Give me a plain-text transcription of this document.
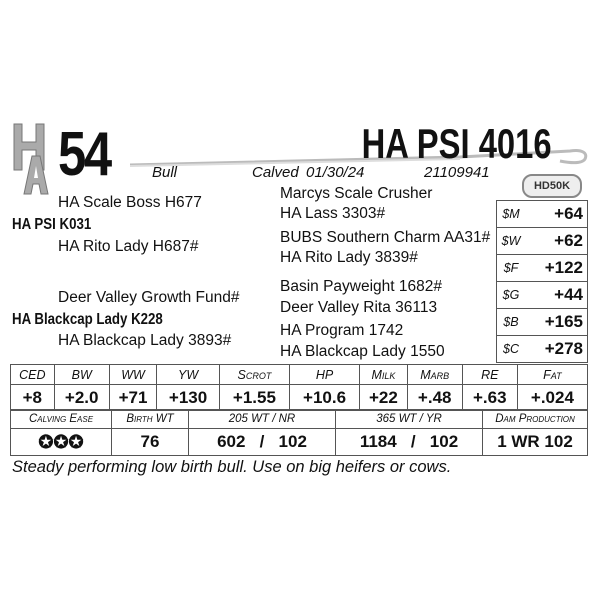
54	HA PSI 4016
Bull	Calved 01/30/24	21109941
HD50K
HA Scale Boss H677
Marcys Scale Crusher
HA Lass 3303#
HA PSI K031
HA Rito Lady H687#
BUBS Southern Charm AA31#
HA Rito Lady 3839#
Deer Valley Growth Fund#
Basin Payweight 1682#
Deer Valley Rita 36113
HA Blackcap Lady K228
HA Blackcap Lady 3893#
HA Program 1742
HA Blackcap Lady 1550
$M	+64
$W	+62
$F	+122
$G	+44
$B	+165
$C	+278
CED	BW	WW	YW	Scrot	HP	Milk	Marb	RE	Fat
+8	+2.0	+71	+130	+1.55	+10.6	+22	+.48	+.63	+.024
Calving Ease	Birth WT	205 WT / NR	365 WT / YR	Dam Production
✪✪✪	76	602 / 102	1184 / 102	1 WR 102
Steady performing low birth bull. Use on big heifers or cows.
